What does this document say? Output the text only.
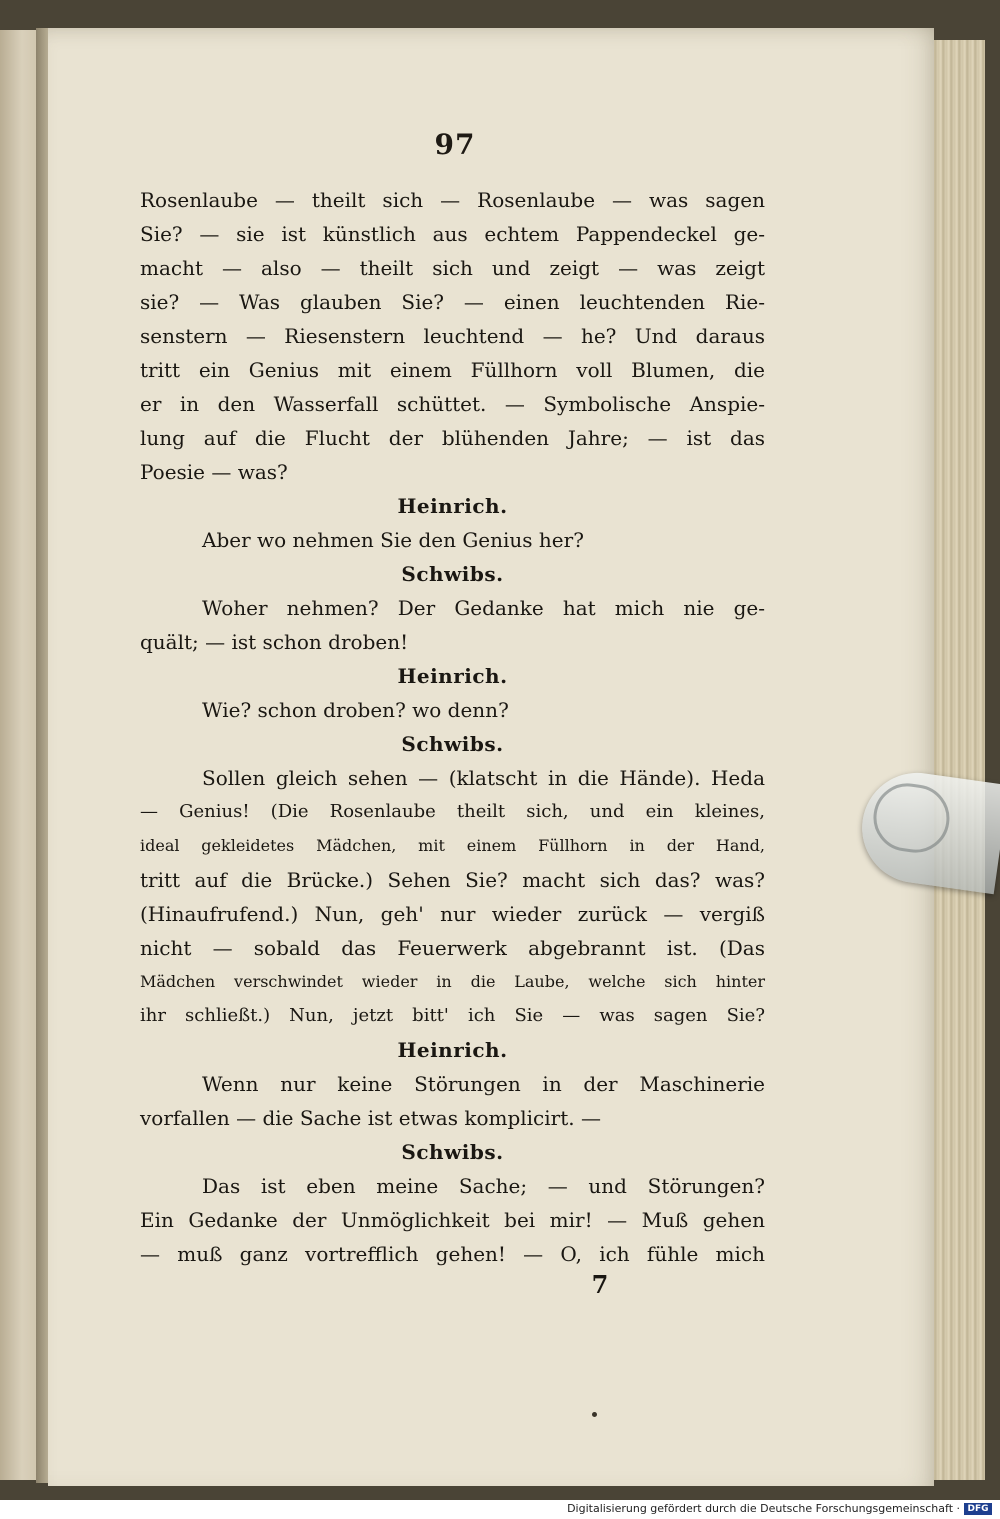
97
Rosenlaube — theilt sich — Rosenlaube — was sagen
Sie? — sie ist künstlich aus echtem Pappendeckel ge-
macht — also — theilt sich und zeigt — was zeigt
sie? — Was glauben Sie? — einen leuchtenden Rie-
senstern — Riesenstern leuchtend — he? Und daraus
tritt ein Genius mit einem Füllhorn voll Blumen, die
er in den Wasserfall schüttet. — Symbolische Anspie-
lung auf die Flucht der blühenden Jahre; — ist das
Poesie — was?
Heinrich.
Aber wo nehmen Sie den Genius her?
Schwibs.
Woher nehmen? Der Gedanke hat mich nie ge-
quält; — ist schon droben!
Heinrich.
Wie? schon droben? wo denn?
Schwibs.
Sollen gleich sehen — (klatscht in die Hände). Heda
— Genius! (Die Rosenlaube theilt sich, und ein kleines,
ideal gekleidetes Mädchen, mit einem Füllhorn in der Hand,
tritt auf die Brücke.) Sehen Sie? macht sich das? was?
(Hinaufrufend.) Nun, geh' nur wieder zurück — vergiß
nicht — sobald das Feuerwerk abgebrannt ist. (Das
Mädchen verschwindet wieder in die Laube, welche sich hinter
ihr schließt.) Nun, jetzt bitt' ich Sie — was sagen Sie?
Heinrich.
Wenn nur keine Störungen in der Maschinerie
vorfallen — die Sache ist etwas komplicirt. —
Schwibs.
Das ist eben meine Sache; — und Störungen?
Ein Gedanke der Unmöglichkeit bei mir! — Muß gehen
— muß ganz vortrefflich gehen! — O, ich fühle mich
7
Digitalisierung gefördert durch die Deutsche Forschungsgemeinschaft · DFG
